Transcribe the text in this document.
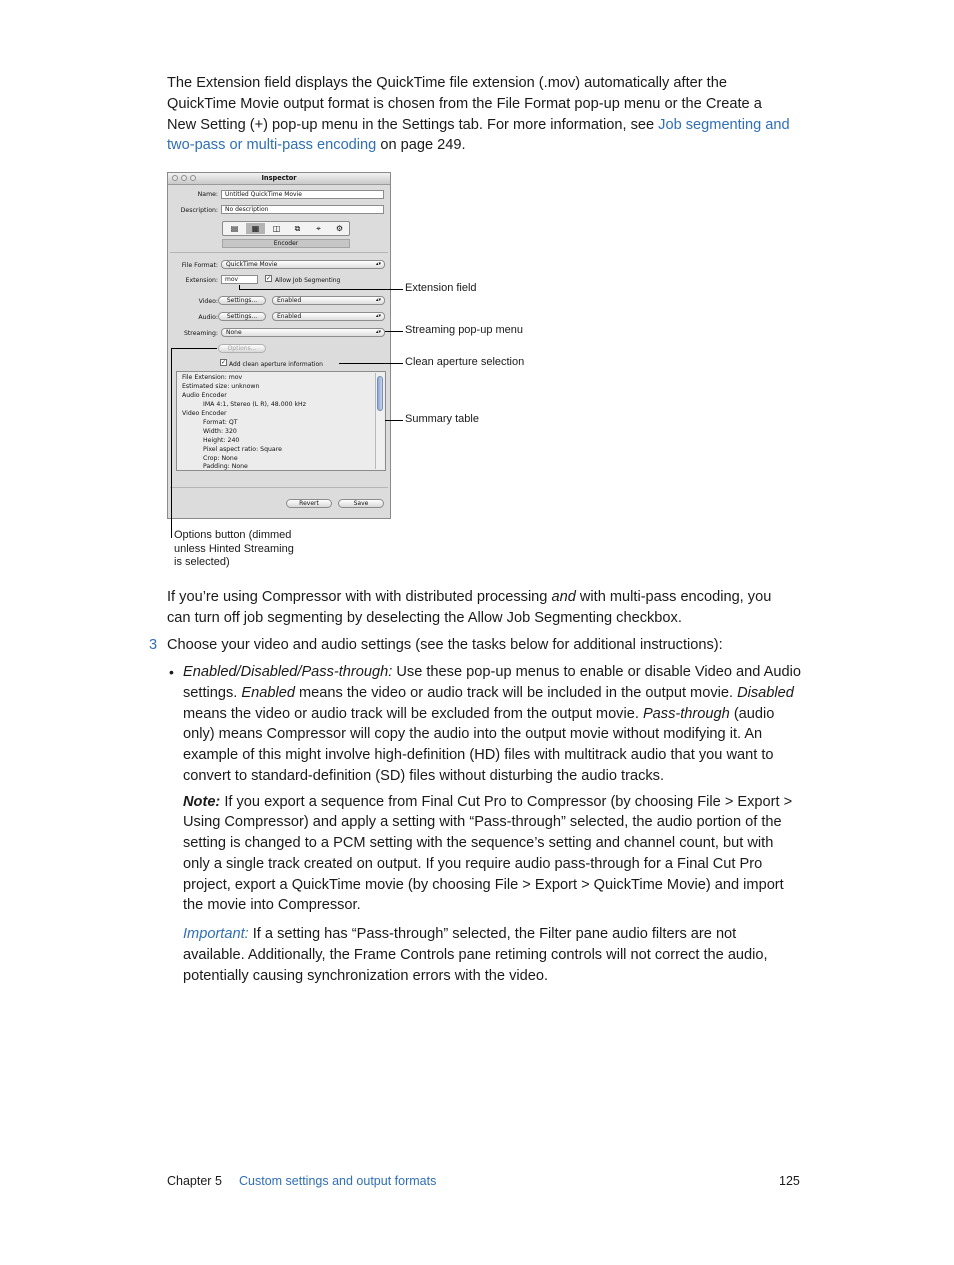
The Extension field displays the QuickTime file extension (.mov) automatically after the

QuickTime Movie output format is chosen from the File Format pop-up menu or the Create a

New Setting (+) pop-up menu in the Settings tab. For more information, see Job segmenting and

two-pass or multi-pass encoding on page 249.

Inspector
Name:	Untitled QuickTime Movie
Description:	No description
▤	▦	◫	⧉	⌖	⚙
Encoder
File Format:	QuickTime Movie	▴▾
Extension:	mov	✓ Allow Job Segmenting
Video:	Settings...	Enabled	▴▾
Audio:	Settings...	Enabled	▴▾
Streaming:	None	▴▾
Options...
✓ Add clean aperture information
File Extension: mov
Estimated size: unknown
Audio Encoder
IMA 4:1, Stereo (L R), 48.000 kHz
Video Encoder
Format: QT
Width: 320
Height: 240
Pixel aspect ratio: Square
Crop: None
Padding: None
Revert	Save
Extension field
Streaming pop-up menu
Clean aperture selection
Summary table
Options button (dimmed
unless Hinted Streaming
is selected)

If you’re using Compressor with with distributed processing and with multi-pass encoding, you

can turn off job segmenting by deselecting the Allow Job Segmenting checkbox.

3 Choose your video and audio settings (see the tasks below for additional instructions):

• Enabled/Disabled/Pass-through: Use these pop-up menus to enable or disable Video and Audio

settings. Enabled means the video or audio track will be included in the output movie. Disabled

means the video or audio track will be excluded from the output movie. Pass-through (audio

only) means Compressor will copy the audio into the output movie without modifying it. An

example of this might involve high-definition (HD) files with multitrack audio that you want to

convert to standard-definition (SD) files without disturbing the audio tracks.

Note: If you export a sequence from Final Cut Pro to Compressor (by choosing File > Export >

Using Compressor) and apply a setting with “Pass-through” selected, the audio portion of the

setting is changed to a PCM setting with the sequence’s setting and channel count, but with

only a single track created on output. If you require audio pass-through for a Final Cut Pro

project, export a QuickTime movie (by choosing File > Export > QuickTime Movie) and import

the movie into Compressor.

Important: If a setting has “Pass-through” selected, the Filter pane audio filters are not

available. Additionally, the Frame Controls pane retiming controls will not correct the audio,

potentially causing synchronization errors with the video.

Chapter 5 Custom settings and output formats	125
